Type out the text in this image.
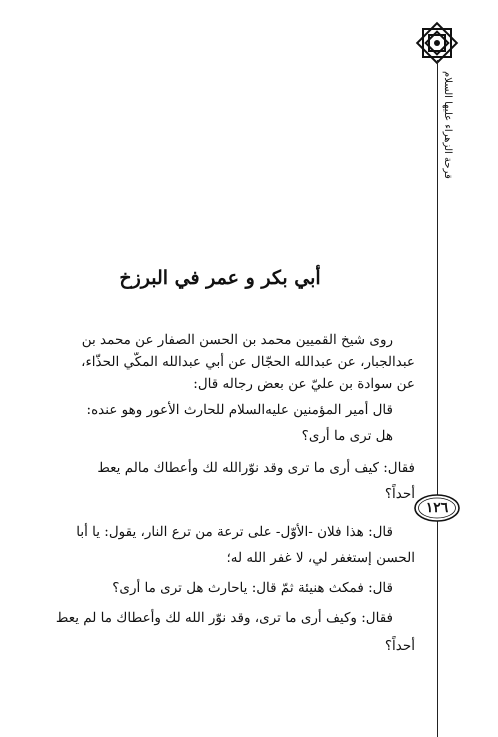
قرحة الزهراء عليها السلام
١٢٦
أبي بكر و عمر في البرزخ
روى شيخ القميين محمد بن الحسن الصفار عن محمد بن
عبدالجبار، عن عبدالله الحجّال عن أبي عبدالله المكّي الحذّاء،
عن سوادة بن عليّ عن بعض رجاله قال:
قال أمير المؤمنين عليه‌السلام للحارث الأعور وهو عنده:
هل ترى ما أرى؟
فقال: كيف أرى ما ترى وقد نوّرالله لك وأعطاك مالم يعط
أحداً؟
قال: هذا فلان -الأوّل- على ترعة من ترع النار، يقول: يا أبا
الحسن إستغفر لي، لا غفر الله له؛
قال: فمكث هنيئة ثمّ قال: ياحارث هل ترى ما أرى؟
فقال: وكيف أرى ما ترى، وقد نوّر الله لك وأعطاك ما لم يعط
أحداً؟
